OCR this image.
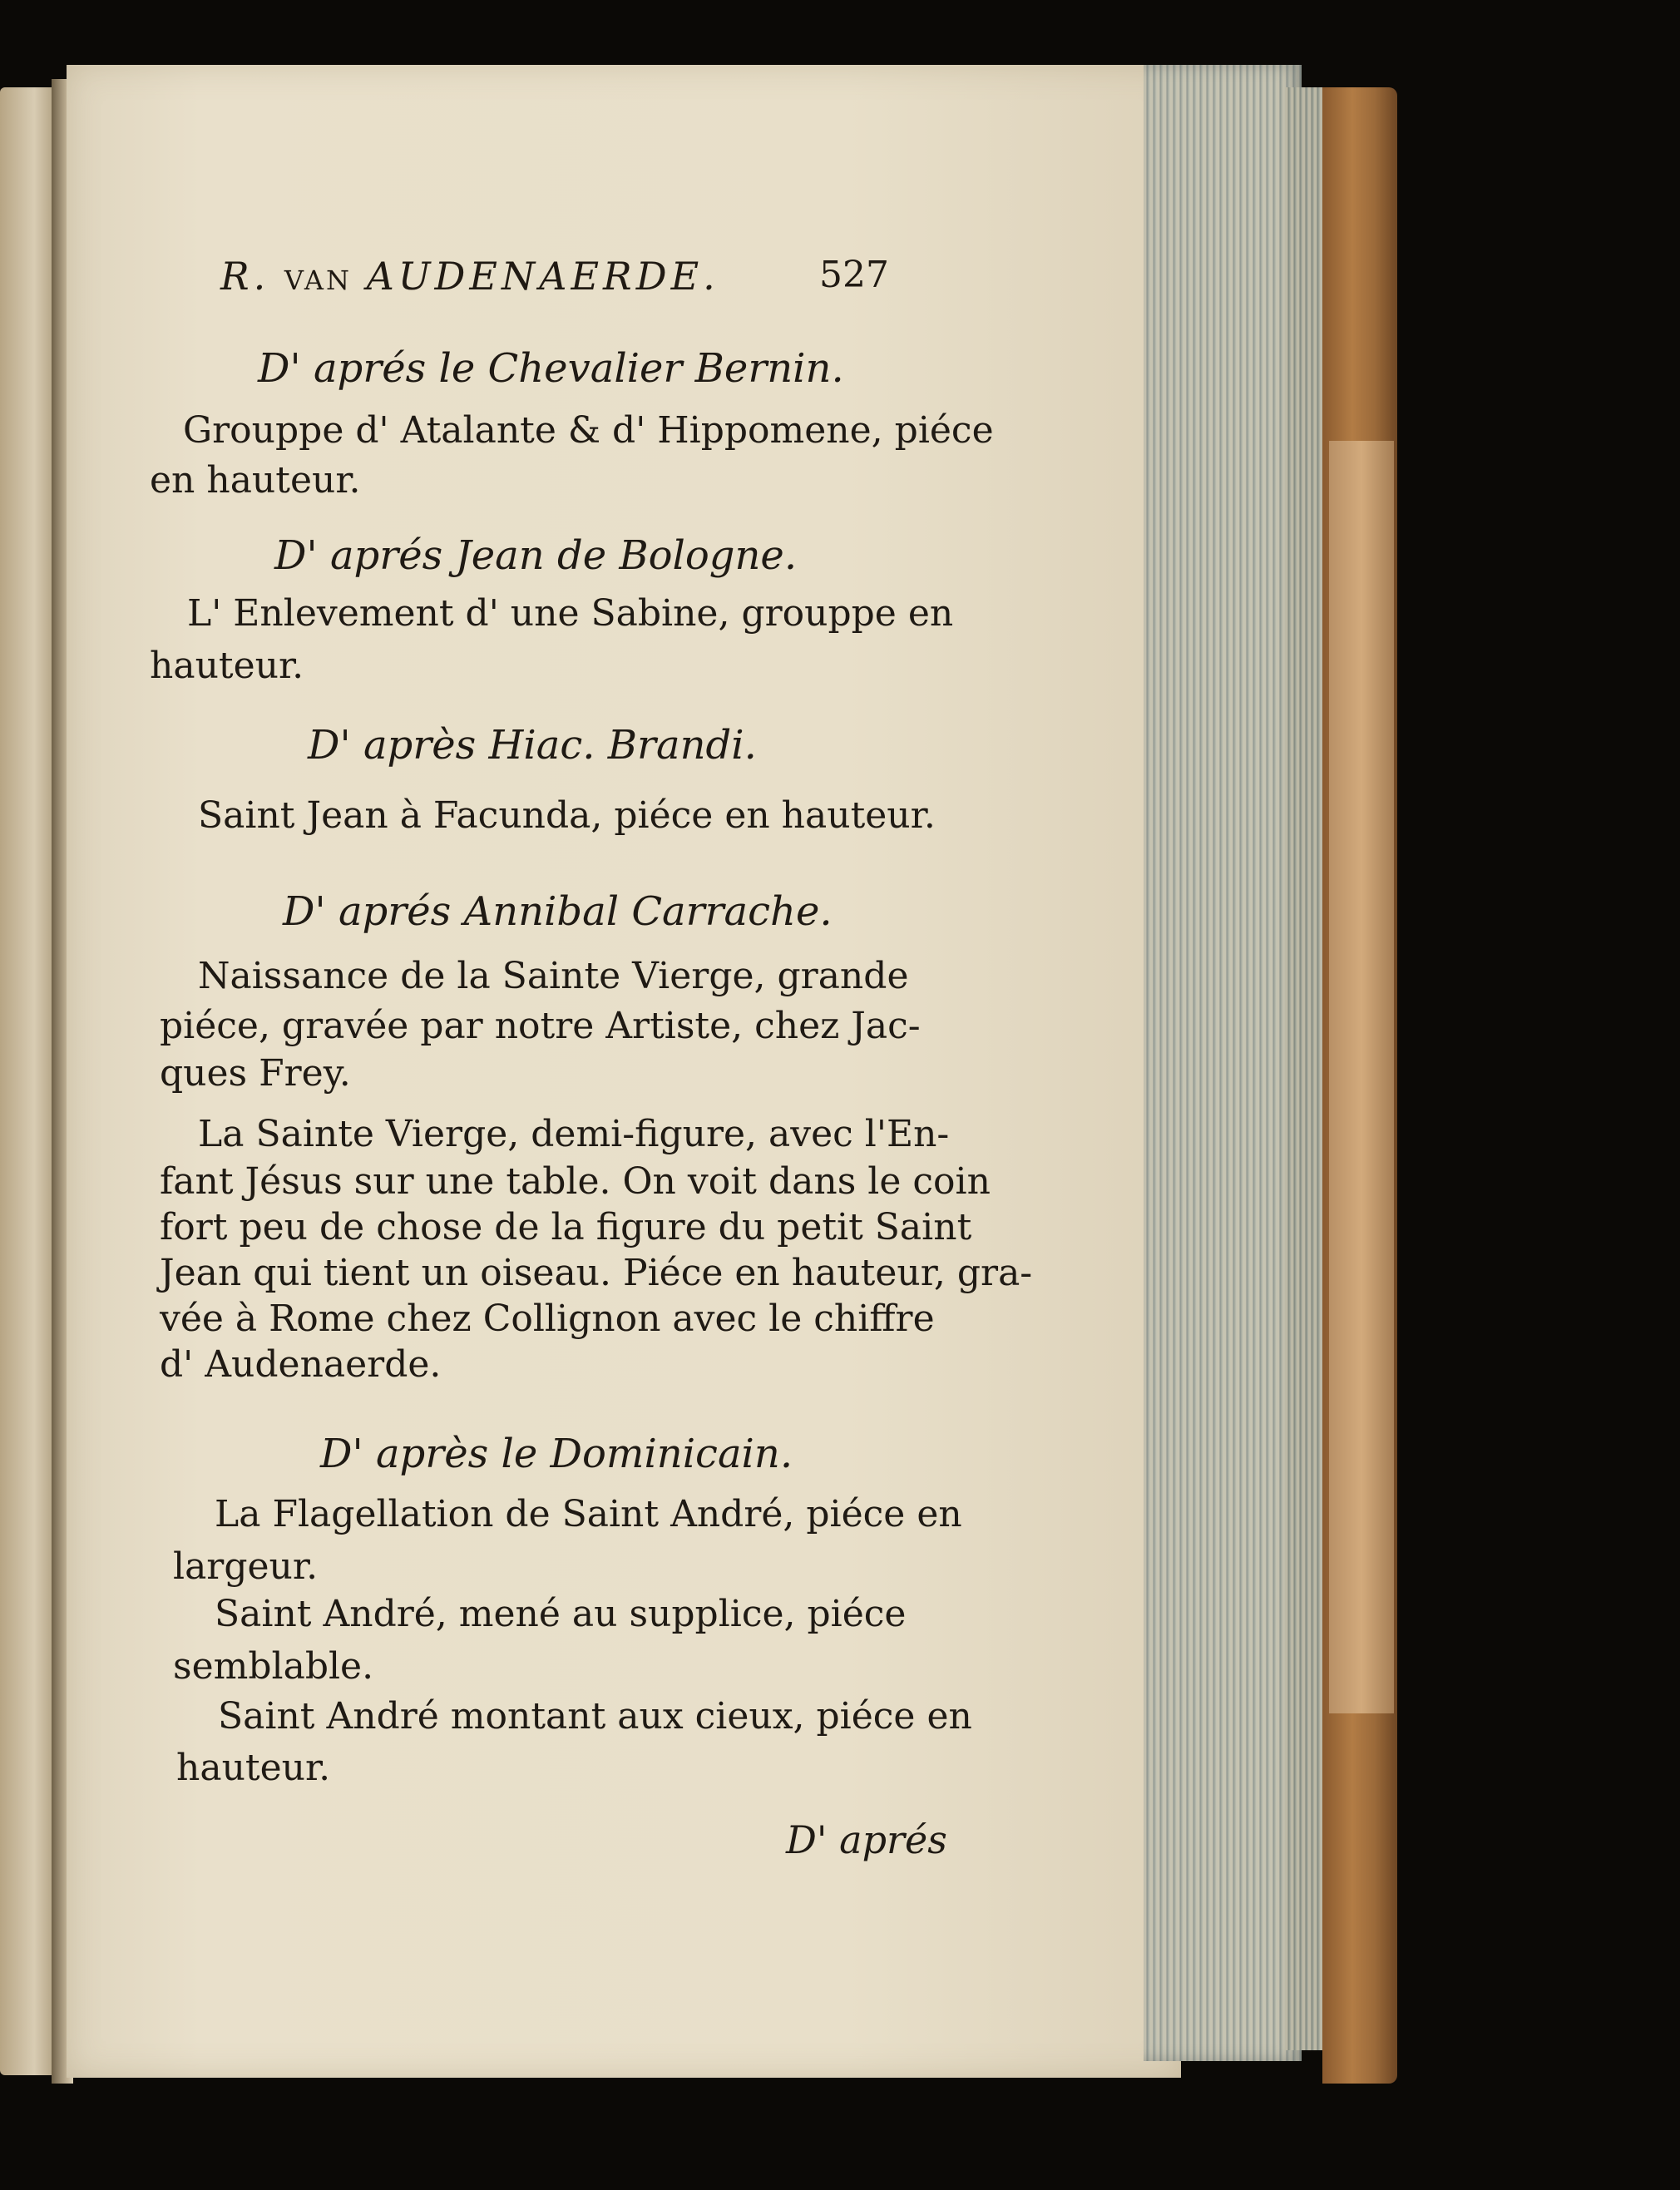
R. VAN AUDENAERDE.	527
D' aprés le Chevalier Bernin.
Grouppe d' Atalante & d' Hippomene, piéce
en hauteur.
D' aprés Jean de Bologne.
L' Enlevement d' une Sabine, grouppe en
hauteur.
D' après Hiac. Brandi.
Saint Jean à Facunda, piéce en hauteur.
D' aprés Annibal Carrache.
Naissance de la Sainte Vierge, grande
piéce, gravée par notre Artiste, chez Jac-
ques Frey.
La Sainte Vierge, demi-figure, avec l'En-
fant Jésus sur une table. On voit dans le coin
fort peu de chose de la figure du petit Saint
Jean qui tient un oiseau. Piéce en hauteur, gra-
vée à Rome chez Collignon avec le chiffre
d' Audenaerde.
D' après le Dominicain.
La Flagellation de Saint André, piéce en
largeur.
Saint André, mené au supplice, piéce
semblable.
Saint André montant aux cieux, piéce en
hauteur.
D' aprés
